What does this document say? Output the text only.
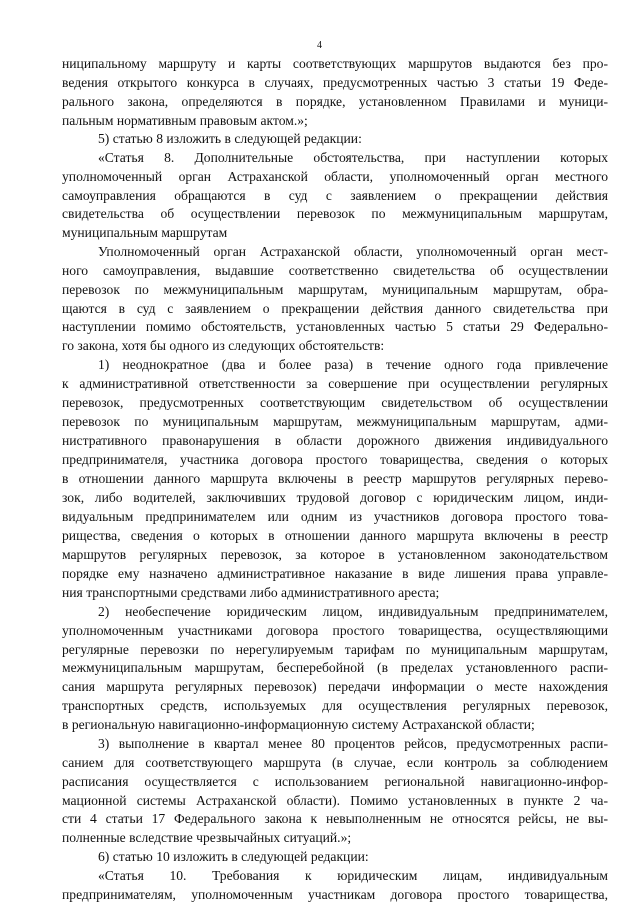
4
ниципальному маршруту и карты соответствующих маршрутов выдаются без про-
ведения открытого конкурса в случаях, предусмотренных частью 3 статьи 19 Феде-
рального закона, определяются в порядке, установленном Правилами и муници-
пальным нормативным правовым актом.»;
5) статью 8 изложить в следующей редакции:
«Статья 8. Дополнительные обстоятельства, при наступлении которых
уполномоченный орган Астраханской области, уполномоченный орган местного
самоуправления обращаются в суд с заявлением о прекращении действия
свидетельства об осуществлении перевозок по межмуниципальным маршрутам,
муниципальным маршрутам
Уполномоченный орган Астраханской области, уполномоченный орган мест-
ного самоуправления, выдавшие соответственно свидетельства об осуществлении
перевозок по межмуниципальным маршрутам, муниципальным маршрутам, обра-
щаются в суд с заявлением о прекращении действия данного свидетельства при
наступлении помимо обстоятельств, установленных частью 5 статьи 29 Федерально-
го закона, хотя бы одного из следующих обстоятельств:
1) неоднократное (два и более раза) в течение одного года привлечение
к административной ответственности за совершение при осуществлении регулярных
перевозок, предусмотренных соответствующим свидетельством об осуществлении
перевозок по муниципальным маршрутам, межмуниципальным маршрутам, адми-
нистративного правонарушения в области дорожного движения индивидуального
предпринимателя, участника договора простого товарищества, сведения о которых
в отношении данного маршрута включены в реестр маршрутов регулярных перево-
зок, либо водителей, заключивших трудовой договор с юридическим лицом, инди-
видуальным предпринимателем или одним из участников договора простого това-
рищества, сведения о которых в отношении данного маршрута включены в реестр
маршрутов регулярных перевозок, за которое в установленном законодательством
порядке ему назначено административное наказание в виде лишения права управле-
ния транспортными средствами либо административного ареста;
2) необеспечение юридическим лицом, индивидуальным предпринимателем,
уполномоченным участниками договора простого товарищества, осуществляющими
регулярные перевозки по нерегулируемым тарифам по муниципальным маршрутам,
межмуниципальным маршрутам, бесперебойной (в пределах установленного распи-
сания маршрута регулярных перевозок) передачи информации о месте нахождения
транспортных средств, используемых для осуществления регулярных перевозок,
в региональную навигационно-информационную систему Астраханской области;
3) выполнение в квартал менее 80 процентов рейсов, предусмотренных распи-
санием для соответствующего маршрута (в случае, если контроль за соблюдением
расписания осуществляется с использованием региональной навигационно-инфор-
мационной системы Астраханской области). Помимо установленных в пункте 2 ча-
сти 4 статьи 17 Федерального закона к невыполненным не относятся рейсы, не вы-
полненные вследствие чрезвычайных ситуаций.»;
6) статью 10 изложить в следующей редакции:
«Статья 10. Требования к юридическим лицам, индивидуальным
предпринимателям, уполномоченным участникам договора простого товарищества,
